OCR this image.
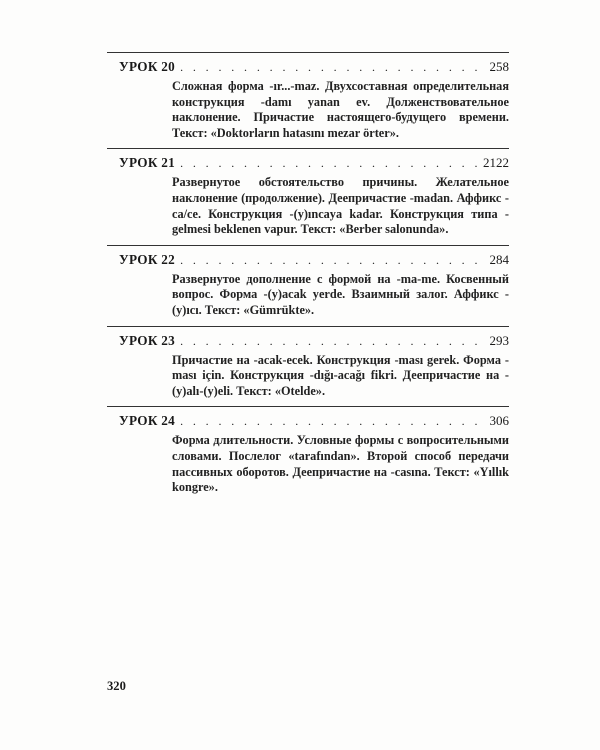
УРОК 20 . . .	258
Сложная форма -ır...-maz. Двухсоставная определительная конструкция -damı yanan ev. Долженствовательное наклонение. Причастие настоящего-будущего времени. Текст: «Doktorların hatasını mezar örter».
УРОК 21 . . .	2122
Развернутое обстоятельство причины. Желательное наклонение (продолжение). Деепричастие -madan. Аффикс -ca/ce. Конструкция -(y)ıncaya kadar. Конструкция типа -gelmesi beklenen vapur. Текст: «Berber salonunda».
УРОК 22 . . .	284
Развернутое дополнение с формой на -ma-me. Косвенный вопрос. Форма -(y)acak yerde. Взаимный залог. Аффикс -(y)ıcı. Текст: «Gümrükte».
УРОК 23 . . .	293
Причастие на -acak-ecek. Конструкция -ması gerek. Форма -ması için. Конструкция -dığı-acağı fikri. Деепричастие на -(y)alı-(y)eli. Текст: «Otelde».
УРОК 24 . . .	306
Форма длительности. Условные формы с вопросительными словами. Послелог «tarafından». Второй способ передачи пассивных оборотов. Деепричастие на -casına. Текст: «Yıllık kongre».
320
